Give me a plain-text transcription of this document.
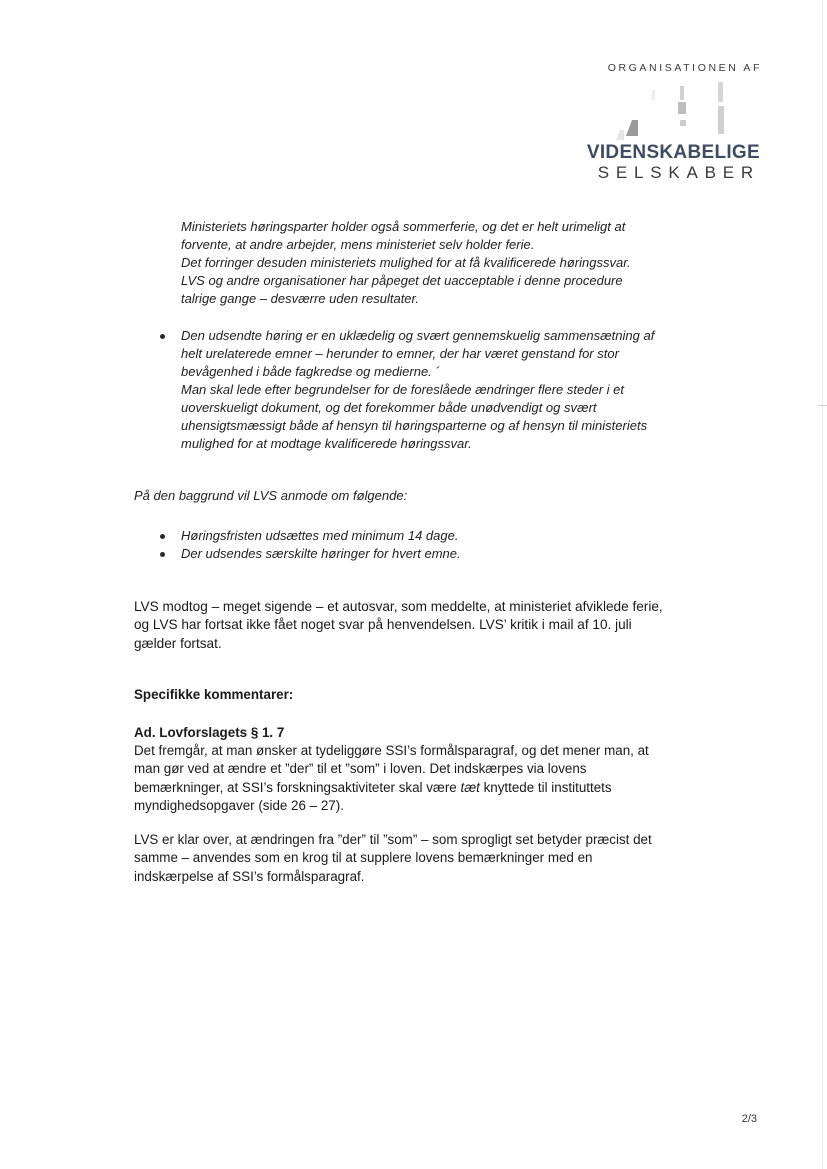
ORGANISATIONEN AF
VIDENSKABELIGE
SELSKABER

Ministeriets høringsparter holder også sommerferie, og det er helt urimeligt at
forvente, at andre arbejder, mens ministeriet selv holder ferie.
Det forringer desuden ministeriets mulighed for at få kvalificerede høringssvar.
LVS og andre organisationer har påpeget det uacceptable i denne procedure
talrige gange – desværre uden resultater.

Den udsendte høring er en uklædelig og svært gennemskuelig sammensætning af
helt urelaterede emner – herunder to emner, der har været genstand for stor
bevågenhed i både fagkredse og medierne. ´
Man skal lede efter begrundelser for de foreslåede ændringer flere steder i et
uoverskueligt dokument, og det forekommer både unødvendigt og svært
uhensigtsmæssigt både af hensyn til høringsparterne og af hensyn til ministeriets
mulighed for at modtage kvalificerede høringssvar.

På den baggrund vil LVS anmode om følgende:

Høringsfristen udsættes med minimum 14 dage.

Der udsendes særskilte høringer for hvert emne.

LVS modtog – meget sigende – et autosvar, som meddelte, at ministeriet afviklede ferie,
og LVS har fortsat ikke fået noget svar på henvendelsen. LVS’ kritik i mail af 10. juli
gælder fortsat.

Specifikke kommentarer:

Ad. Lovforslagets § 1. 7

Det fremgår, at man ønsker at tydeliggøre SSI’s formålsparagraf, og det mener man, at
man gør ved at ændre et ”der” til et ”som” i loven. Det indskærpes via lovens
bemærkninger, at SSI’s forskningsaktiviteter skal være tæt knyttede til instituttets
myndighedsopgaver (side 26 – 27).

LVS er klar over, at ændringen fra ”der” til ”som” – som sprogligt set betyder præcist det
samme – anvendes som en krog til at supplere lovens bemærkninger med en
indskærpelse af SSI’s formålsparagraf.

2/3
